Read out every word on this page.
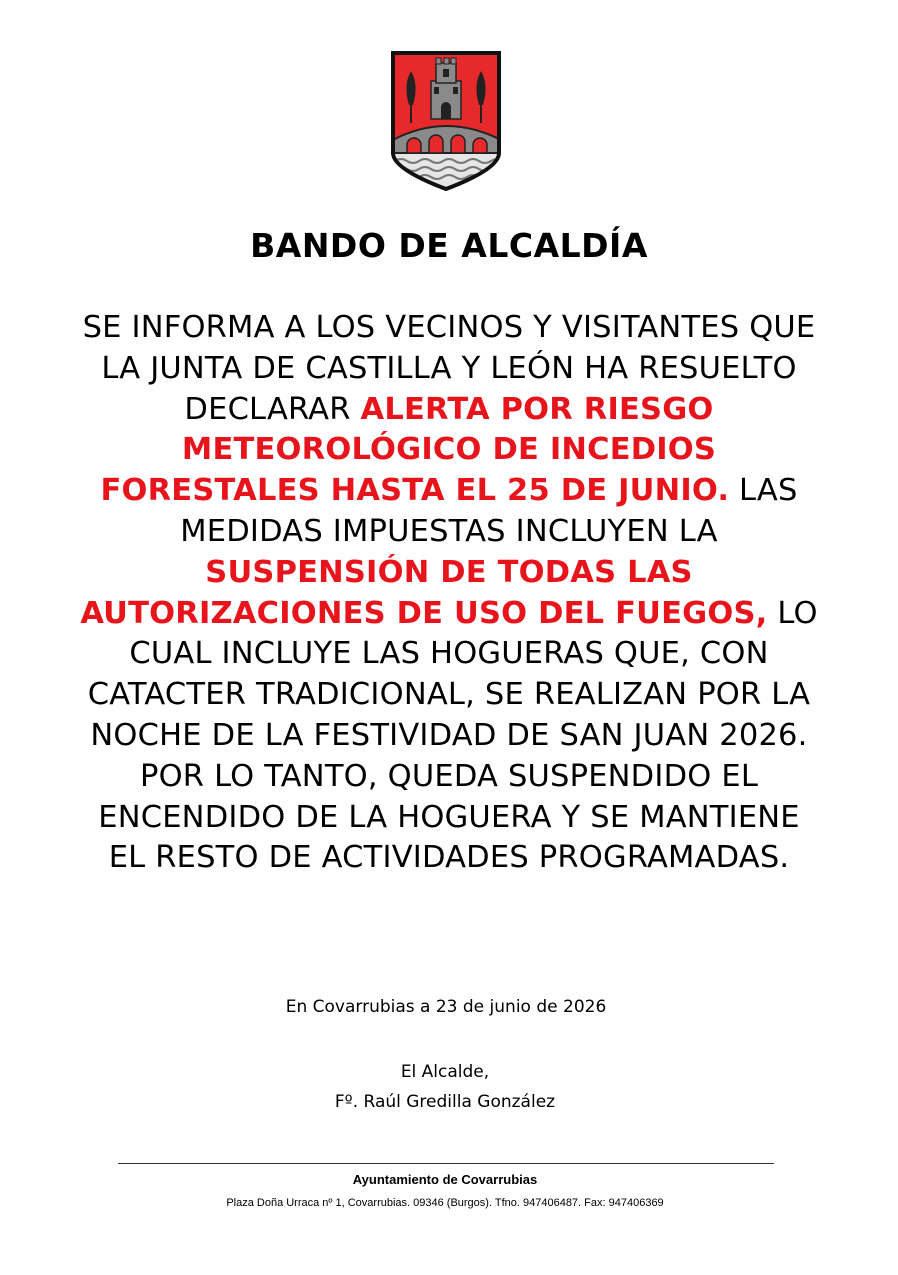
BANDO DE ALCALDÍA

SE INFORMA A LOS VECINOS Y VISITANTES QUE LA JUNTA DE CASTILLA Y LEÓN HA RESUELTO DECLARAR ALERTA POR RIESGO METEOROLÓGICO DE INCEDIOS FORESTALES HASTA EL 25 DE JUNIO. LAS MEDIDAS IMPUESTAS INCLUYEN LA SUSPENSIÓN DE TODAS LAS AUTORIZACIONES DE USO DEL FUEGOS, LO CUAL INCLUYE LAS HOGUERAS QUE, CON CATACTER TRADICIONAL, SE REALIZAN POR LA NOCHE DE LA FESTIVIDAD DE SAN JUAN 2026. POR LO TANTO, QUEDA SUSPENDIDO EL ENCENDIDO DE LA HOGUERA Y SE MANTIENE EL RESTO DE ACTIVIDADES PROGRAMADAS.

En Covarrubias a 23 de junio de 2026
El Alcalde,
Fº. Raúl Gredilla González
Ayuntamiento de Covarrubias
Plaza Doña Urraca nº 1, Covarrubias. 09346 (Burgos). Tfno. 947406487. Fax: 947406369
